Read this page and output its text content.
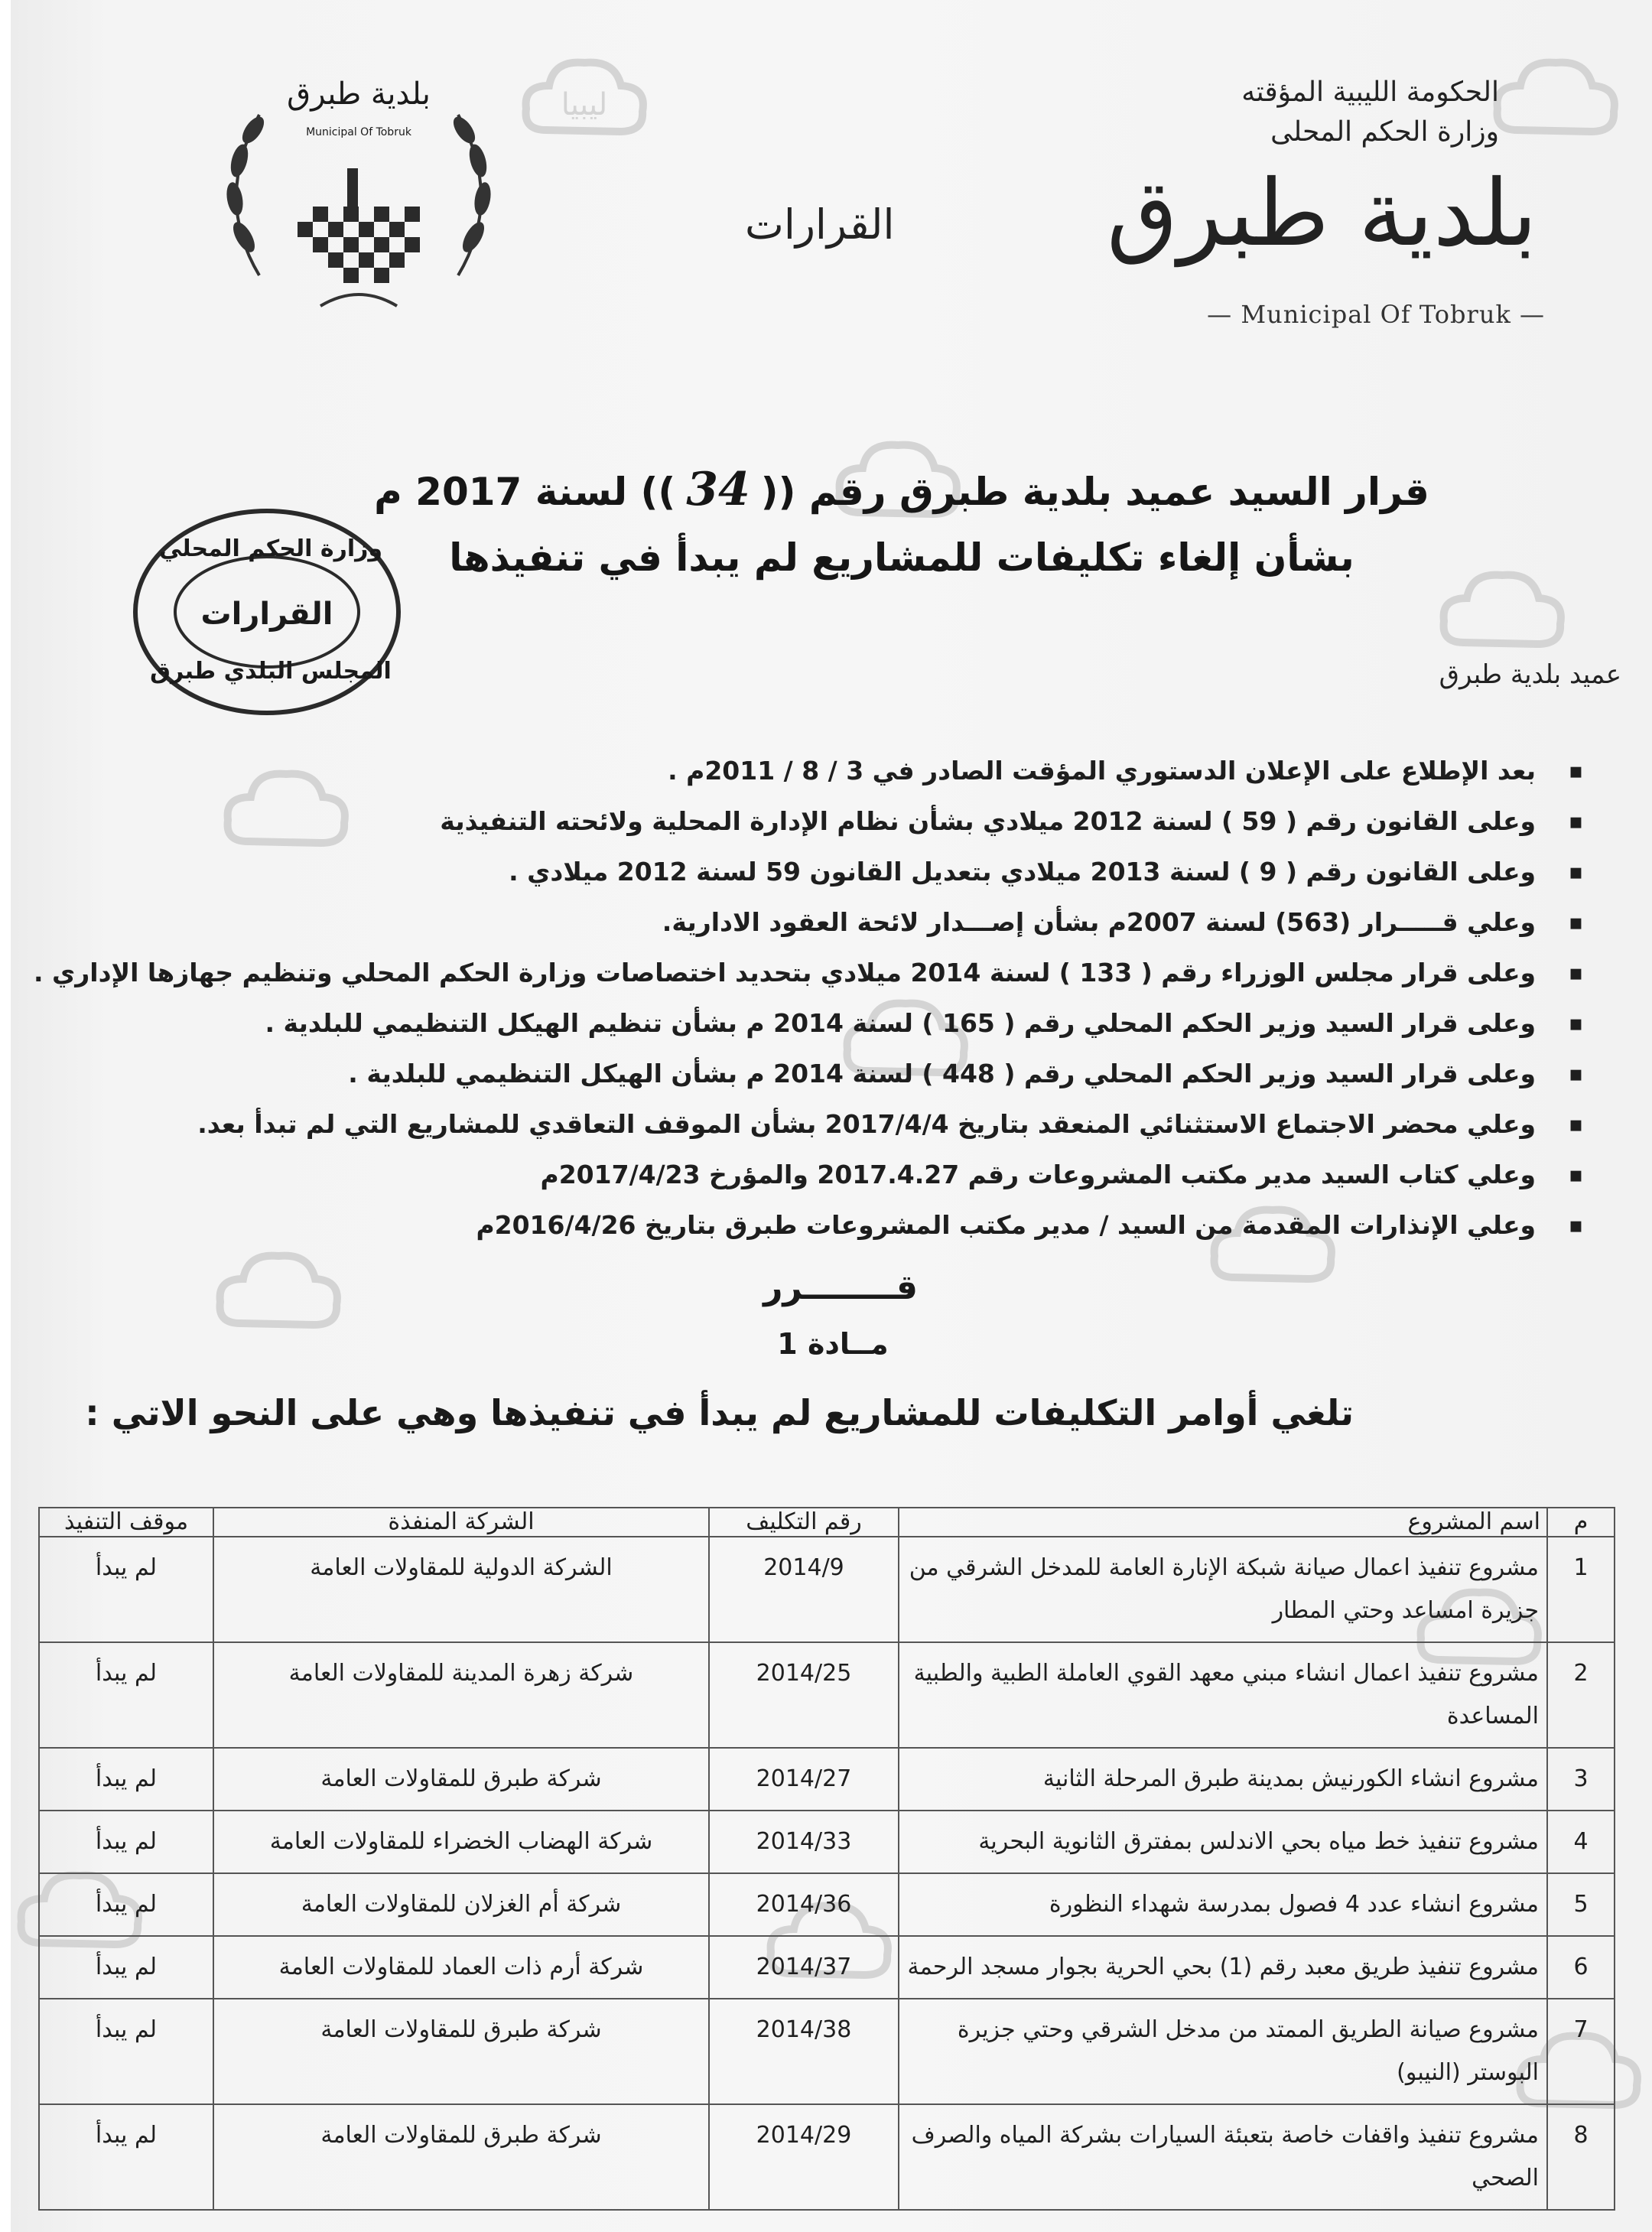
ليبيا	الحكومة الليبية المؤقته
وزارة الحكم المحلى
بلدية طبرق
— Municipal Of Tobruk —
القرارات
بلدية طبرق
Municipal Of Tobruk
وزارة الحكم المحلي
القرارات
المجلس البلدي طبرق
قرار السيد عميد بلدية طبرق رقم ((34)) لسنة 2017 م
بشأن إلغاء تكليفات للمشاريع لم يبدأ في تنفيذها
عميد بلدية طبرق
▪ بعد الإطلاع على الإعلان الدستوري المؤقت الصادر في 3 / 8 / 2011م .
▪ وعلى القانون رقم ( 59 ) لسنة 2012 ميلادي بشأن نظام الإدارة المحلية ولائحته التنفيذية
▪ وعلى القانون رقم ( 9 ) لسنة 2013 ميلادي بتعديل القانون 59 لسنة 2012 ميلادي .
▪ وعلي قـــــرار (563) لسنة 2007م بشأن إصـــدار لائحة العقود الادارية.
▪ وعلى قرار مجلس الوزراء رقم ( 133 ) لسنة 2014 ميلادي بتحديد اختصاصات وزارة الحكم المحلي وتنظيم جهازها الإداري .
▪ وعلى قرار السيد وزير الحكم المحلي رقم ( 165 ) لسنة 2014 م بشأن تنظيم الهيكل التنظيمي للبلدية .
▪ وعلى قرار السيد وزير الحكم المحلي رقم ( 448 ) لسنة 2014 م بشأن الهيكل التنظيمي للبلدية .
▪ وعلي محضر الاجتماع الاستثنائي المنعقد بتاريخ 2017/4/4 بشأن الموقف التعاقدي للمشاريع التي لم تبدأ بعد.
▪ وعلي كتاب السيد مدير مكتب المشروعات رقم 2017.4.27 والمؤرخ 2017/4/23م
▪ وعلي الإنذارات المقدمة من السيد / مدير مكتب المشروعات طبرق بتاريخ 2016/4/26م
قــــــــرر
مــادة 1
تلغي أوامر التكليفات للمشاريع لم يبدأ في تنفيذها وهي على النحو الاتي :
م	اسم المشروع	رقم التكليف	الشركة المنفذة	موقف التنفيذ
1	مشروع تنفيذ اعمال صيانة شبكة الإنارة العامة للمدخل الشرقي من جزيرة امساعد وحتي المطار	2014/9	الشركة الدولية للمقاولات العامة	لم يبدأ
2	مشروع تنفيذ اعمال انشاء مبني معهد القوي العاملة الطبية والطبية المساعدة	2014/25	شركة زهرة المدينة للمقاولات العامة	لم يبدأ
3	مشروع انشاء الكورنيش بمدينة طبرق المرحلة الثانية	2014/27	شركة طبرق للمقاولات العامة	لم يبدأ
4	مشروع تنفيذ خط مياه بحي الاندلس بمفترق الثانوية البحرية	2014/33	شركة الهضاب الخضراء للمقاولات العامة	لم يبدأ
5	مشروع انشاء عدد 4 فصول بمدرسة شهداء النظورة	2014/36	شركة أم الغزلان للمقاولات العامة	لم يبدأ
6	مشروع تنفيذ طريق معبد رقم (1) بحي الحرية بجوار مسجد الرحمة	2014/37	شركة أرم ذات العماد للمقاولات العامة	لم يبدأ
7	مشروع صيانة الطريق الممتد من مدخل الشرقي وحتي جزيرة البوستر (النيبو)	2014/38	شركة طبرق للمقاولات العامة	لم يبدأ
8	مشروع تنفيذ واقفات خاصة بتعبئة السيارات بشركة المياه والصرف الصحي	2014/29	شركة طبرق للمقاولات العامة	لم يبدأ
